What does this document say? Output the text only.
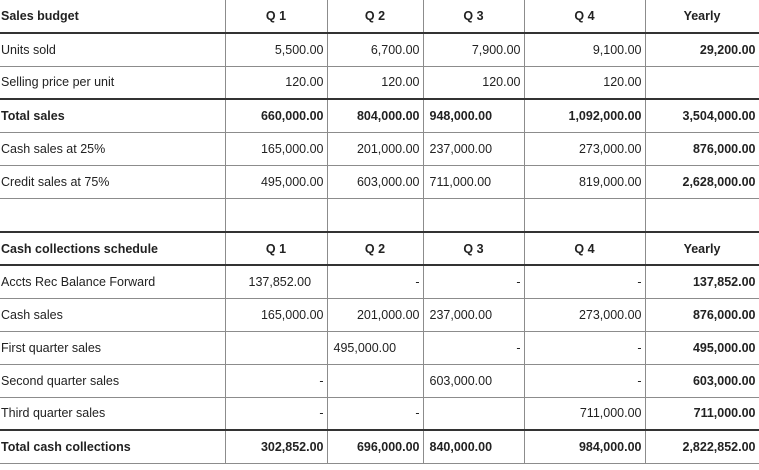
Sales budget	Q 1	Q 2	Q 3	Q 4	Yearly
Units sold	5,500.00	6,700.00	7,900.00	9,100.00	29,200.00
Selling price per unit	120.00	120.00	120.00	120.00	
Total sales	660,000.00	804,000.00	948,000.00	1,092,000.00	3,504,000.00
Cash sales at 25%	165,000.00	201,000.00	237,000.00	273,000.00	876,000.00
Credit sales at 75%	495,000.00	603,000.00	711,000.00	819,000.00	2,628,000.00

Cash collections schedule	Q 1	Q 2	Q 3	Q 4	Yearly
Accts Rec Balance Forward	137,852.00	-	-	-	137,852.00
Cash sales	165,000.00	201,000.00	237,000.00	273,000.00	876,000.00
First quarter sales		495,000.00	-	-	495,000.00
Second quarter sales	-		603,000.00	-	603,000.00
Third quarter sales	-	-		711,000.00	711,000.00
Total cash collections	302,852.00	696,000.00	840,000.00	984,000.00	2,822,852.00
